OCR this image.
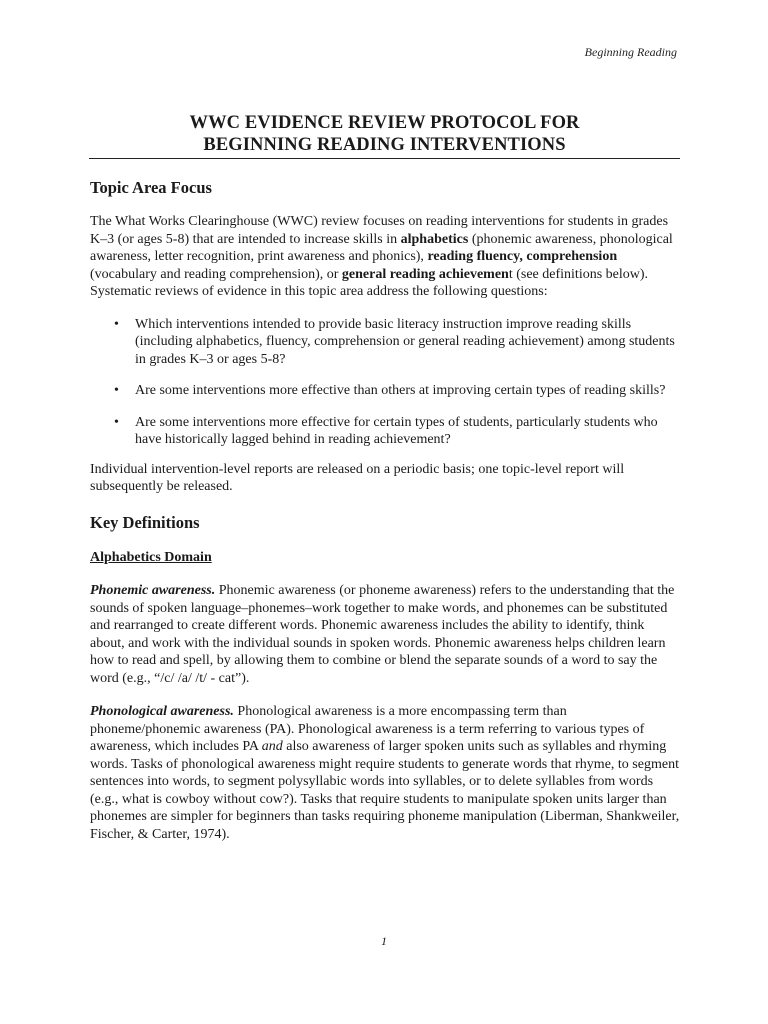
Beginning Reading
WWC EVIDENCE REVIEW PROTOCOL FOR
BEGINNING READING INTERVENTIONS
Topic Area Focus

The What Works Clearinghouse (WWC) review focuses on reading interventions for students in grades K–3 (or ages 5-8) that are intended to increase skills in alphabetics (phonemic awareness, phonological awareness, letter recognition, print awareness and phonics), reading fluency, comprehension (vocabulary and reading comprehension), or general reading achievement (see definitions below). Systematic reviews of evidence in this topic area address the following questions:

• Which interventions intended to provide basic literacy instruction improve reading skills (including alphabetics, fluency, comprehension or general reading achievement) among students in grades K–3 or ages 5-8?
• Are some interventions more effective than others at improving certain types of reading skills?
• Are some interventions more effective for certain types of students, particularly students who have historically lagged behind in reading achievement?

Individual intervention-level reports are released on a periodic basis; one topic-level report will subsequently be released.

Key Definitions

Alphabetics Domain

Phonemic awareness. Phonemic awareness (or phoneme awareness) refers to the understanding that the sounds of spoken language–phonemes–work together to make words, and phonemes can be substituted and rearranged to create different words. Phonemic awareness includes the ability to identify, think about, and work with the individual sounds in spoken words. Phonemic awareness helps children learn how to read and spell, by allowing them to combine or blend the separate sounds of a word to say the word (e.g., “/c/ /a/ /t/ - cat”).

Phonological awareness. Phonological awareness is a more encompassing term than phoneme/phonemic awareness (PA). Phonological awareness is a term referring to various types of awareness, which includes PA and also awareness of larger spoken units such as syllables and rhyming words. Tasks of phonological awareness might require students to generate words that rhyme, to segment sentences into words, to segment polysyllabic words into syllables, or to delete syllables from words (e.g., what is cowboy without cow?). Tasks that require students to manipulate spoken units larger than phonemes are simpler for beginners than tasks requiring phoneme manipulation (Liberman, Shankweiler, Fischer, & Carter, 1974).

1
